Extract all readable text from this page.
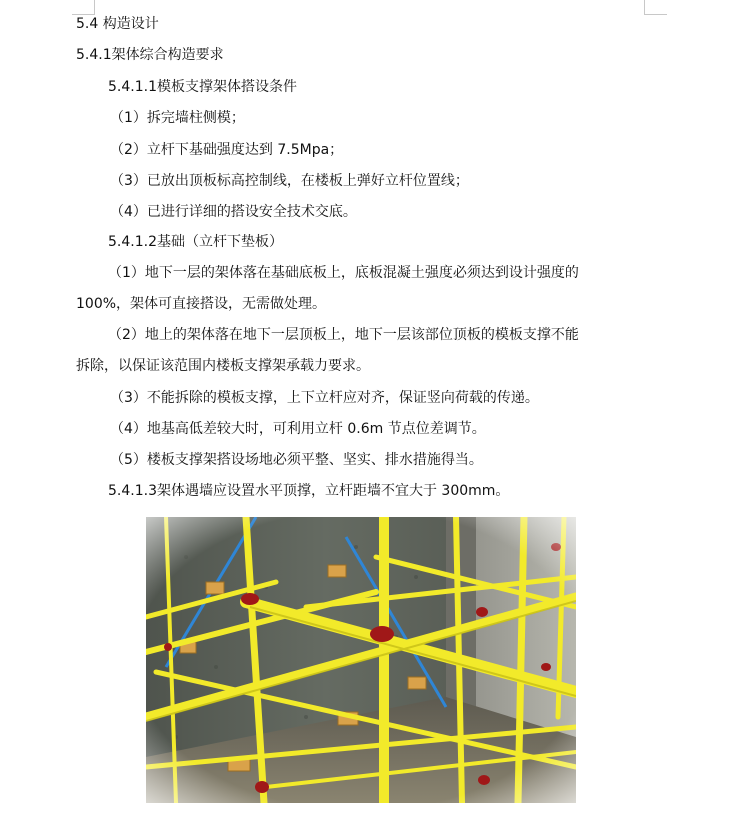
5.4 构造设计
5.4.1架体综合构造要求
5.4.1.1模板支撑架体搭设条件
（1）拆完墙柱侧模；
（2）立杆下基础强度达到 7.5Mpa；
（3）已放出顶板标高控制线，在楼板上弹好立杆位置线；
（4）已进行详细的搭设安全技术交底。
5.4.1.2基础（立杆下垫板）
（1）地下一层的架体落在基础底板上，底板混凝土强度必须达到设计强度的
100%，架体可直接搭设，无需做处理。
（2）地上的架体落在地下一层顶板上，地下一层该部位顶板的模板支撑不能
拆除，以保证该范围内楼板支撑架承载力要求。
（3）不能拆除的模板支撑，上下立杆应对齐，保证竖向荷载的传递。
（4）地基高低差较大时，可利用立杆 0.6m 节点位差调节。
（5）楼板支撑架搭设场地必须平整、坚实、排水措施得当。
5.4.1.3架体遇墙应设置水平顶撑，立杆距墙不宜大于 300mm。
